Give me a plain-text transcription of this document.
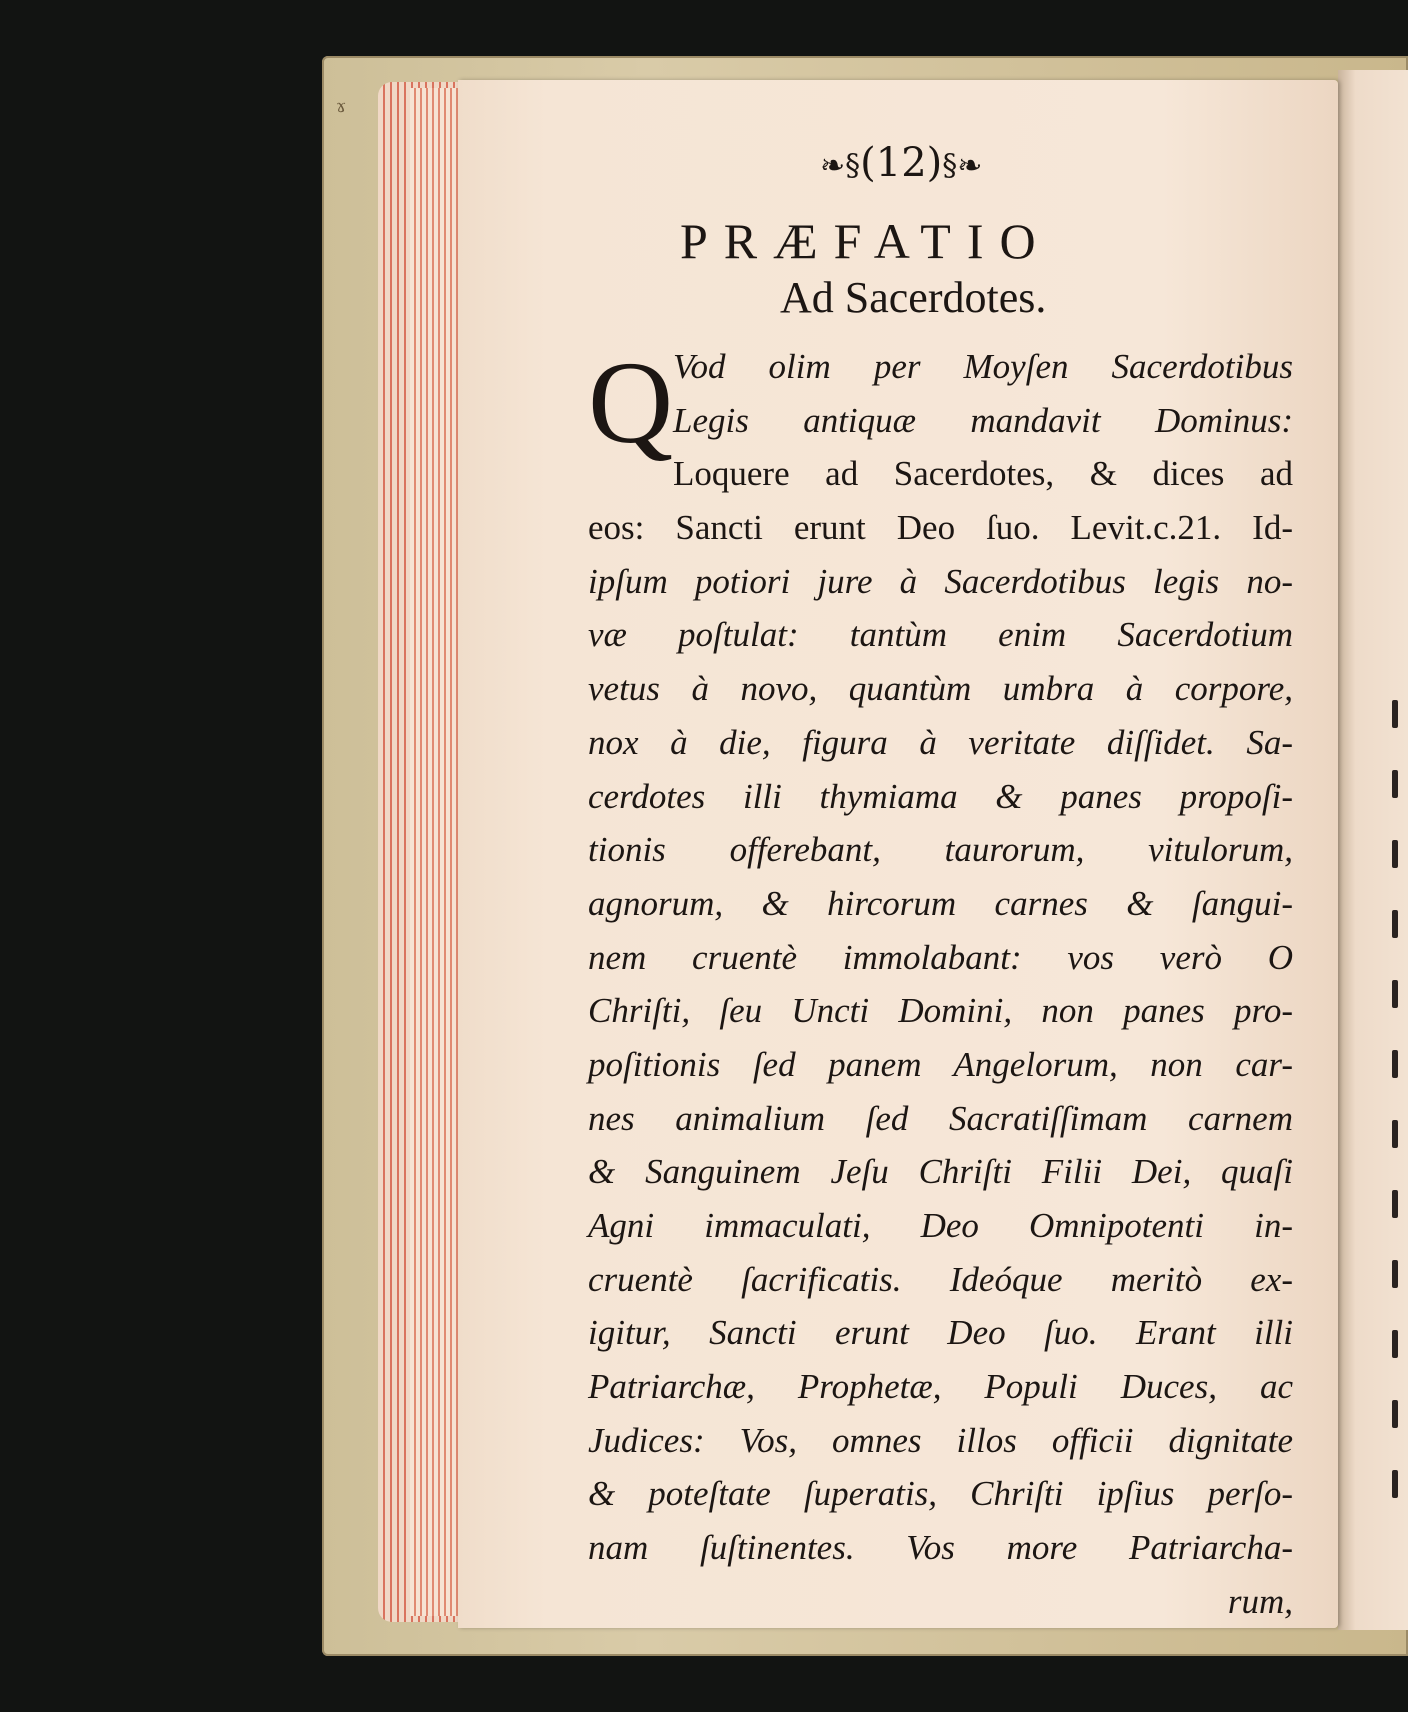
ɤ
❧§(12)§❧
PRÆFATIO
Ad Sacerdotes.
Q Vod olim per Moyſen Sacerdotibus
Legis antiquæ mandavit Dominus:
Loquere ad Sacerdotes, & dices ad
eos: Sancti erunt Deo ſuo. Levit.c.21. Id-
ipſum potiori jure à Sacerdotibus legis no-
væ poſtulat: tantùm enim Sacerdotium
vetus à novo, quantùm umbra à corpore,
nox à die, figura à veritate diſſidet. Sa-
cerdotes illi thymiama & panes propoſi-
tionis offerebant, taurorum, vitulorum,
agnorum, & hircorum carnes & ſangui-
nem cruentè immolabant: vos verò O
Chriſti, ſeu Uncti Domini, non panes pro-
poſitionis ſed panem Angelorum, non car-
nes animalium ſed Sacratiſſimam carnem
& Sanguinem Jeſu Chriſti Filii Dei, quaſi
Agni immaculati, Deo Omnipotenti in-
cruentè ſacrificatis. Ideóque meritò ex-
igitur, Sancti erunt Deo ſuo. Erant illi
Patriarchæ, Prophetæ, Populi Duces, ac
Judices: Vos, omnes illos officii dignitate
& poteſtate ſuperatis, Chriſti ipſius perſo-
nam ſuſtinentes. Vos more Patriarcha-
rum,
